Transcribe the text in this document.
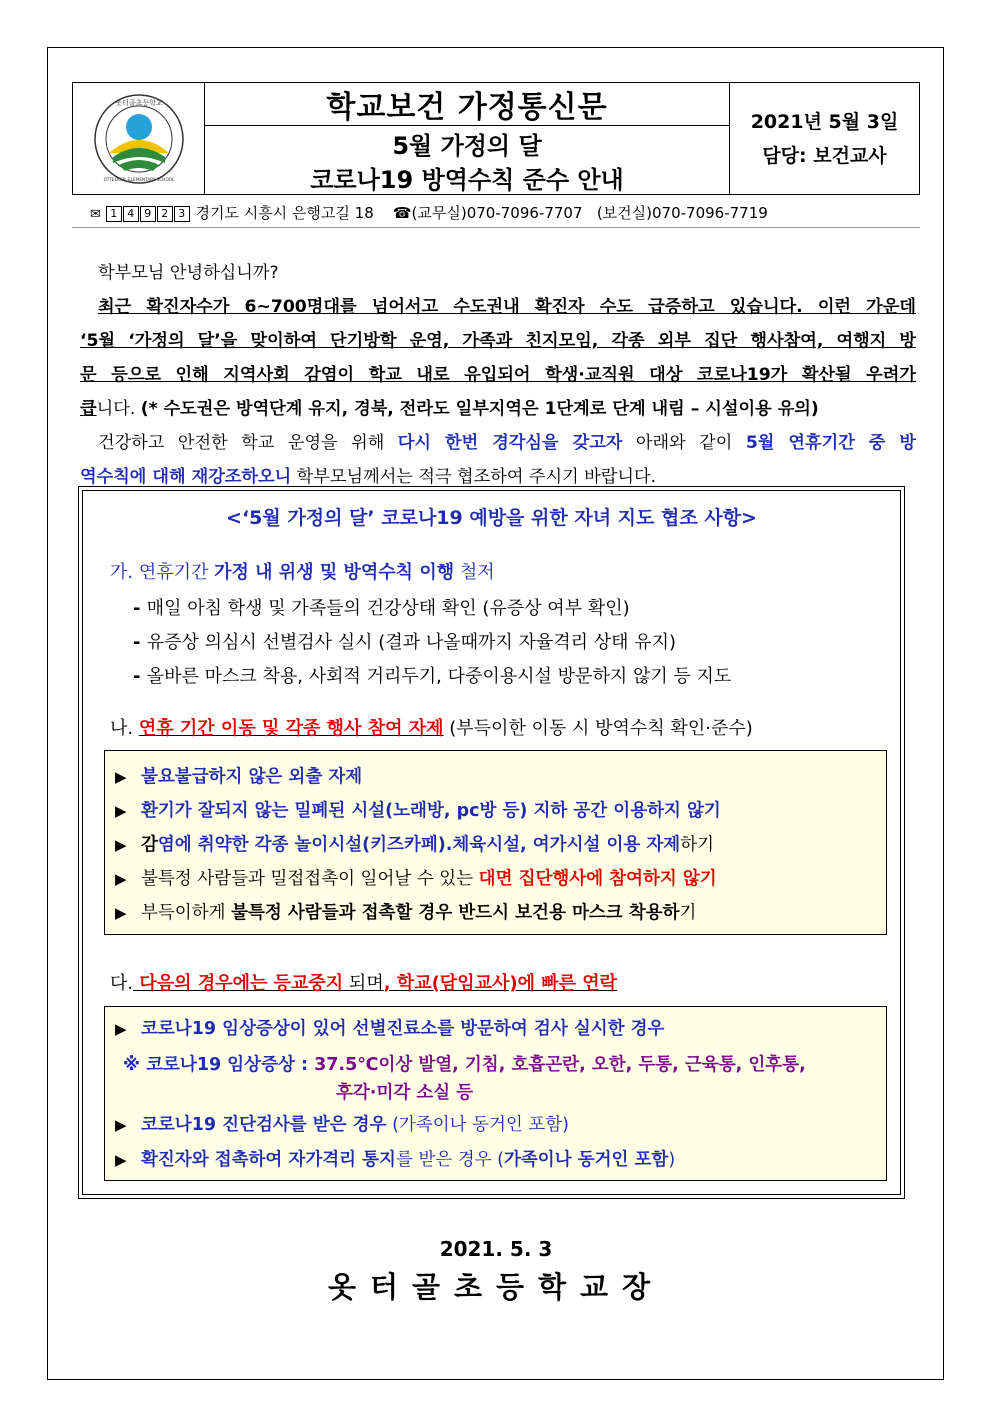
옷터골초등학교
OTTEOGOL ELEMENTARY SCHOOL
학교보건 가정통신문
5월 가정의 달
코로나19 방역수칙 준수 안내
2021년 5월 3일
담당: 보건교사
✉ 1 4 9 2 3 경기도 시흥시 은행고길 18 ☎(교무실)070-7096-7707 (보건실)070-7096-7719

학부모님 안녕하십니까?

최근 확진자수가 6~700명대를 넘어서고 수도권내 확진자 수도 급증하고 있습니다. 이런 가운데

‘5월 ‘가정의 달’을 맞이하여 단기방학 운영, 가족과 친지모임, 각종 외부 집단 행사참여, 여행지 방

문 등으로 인해 지역사회 감염이 학교 내로 유입되어 학생·교직원 대상 코로나19가 확산될 우려가

큽니다. (* 수도권은 방역단계 유지, 경북, 전라도 일부지역은 1단계로 단계 내림 – 시설이용 유의)

건강하고 안전한 학교 운영을 위해 다시 한번 경각심을 갖고자 아래와 같이 5월 연휴기간 중 방

역수칙에 대해 재강조하오니 학부모님께서는 적극 협조하여 주시기 바랍니다.

<‘5월 가정의 달’ 코로나19 예방을 위한 자녀 지도 협조 사항>
가. 연휴기간 가정 내 위생 및 방역수칙 이행 철저
- 매일 아침 학생 및 가족들의 건강상태 확인 (유증상 여부 확인)
- 유증상 의심시 선별검사 실시 (결과 나올때까지 자율격리 상태 유지)
- 올바른 마스크 착용, 사회적 거리두기, 다중이용시설 방문하지 않기 등 지도
나. 연휴 기간 이동 및 각종 행사 참여 자제 (부득이한 이동 시 방역수칙 확인·준수)
▶ 불요불급하지 않은 외출 자제
▶ 환기가 잘되지 않는 밀폐된 시설(노래방, pc방 등) 지하 공간 이용하지 않기
▶ 감염에 취약한 각종 놀이시설(키즈카페).체육시설, 여가시설 이용 자제하기
▶ 불특정 사람들과 밀접접촉이 일어날 수 있는 대면 집단행사에 참여하지 않기
▶ 부득이하게 불특정 사람들과 접촉할 경우 반드시 보건용 마스크 착용하기
다. 다음의 경우에는 등교중지 되며, 학교(담임교사)에 빠른 연락
▶ 코로나19 임상증상이 있어 선별진료소를 방문하여 검사 실시한 경우
※ 코로나19 임상증상 : 37.5℃이상 발열, 기침, 호흡곤란, 오한, 두통, 근육통, 인후통,
후각·미각 소실 등
▶ 코로나19 진단검사를 받은 경우 (가족이나 동거인 포함)
▶ 확진자와 접촉하여 자가격리 통지를 받은 경우 (가족이나 동거인 포함)
2021. 5. 3
옷터골초등학교장
